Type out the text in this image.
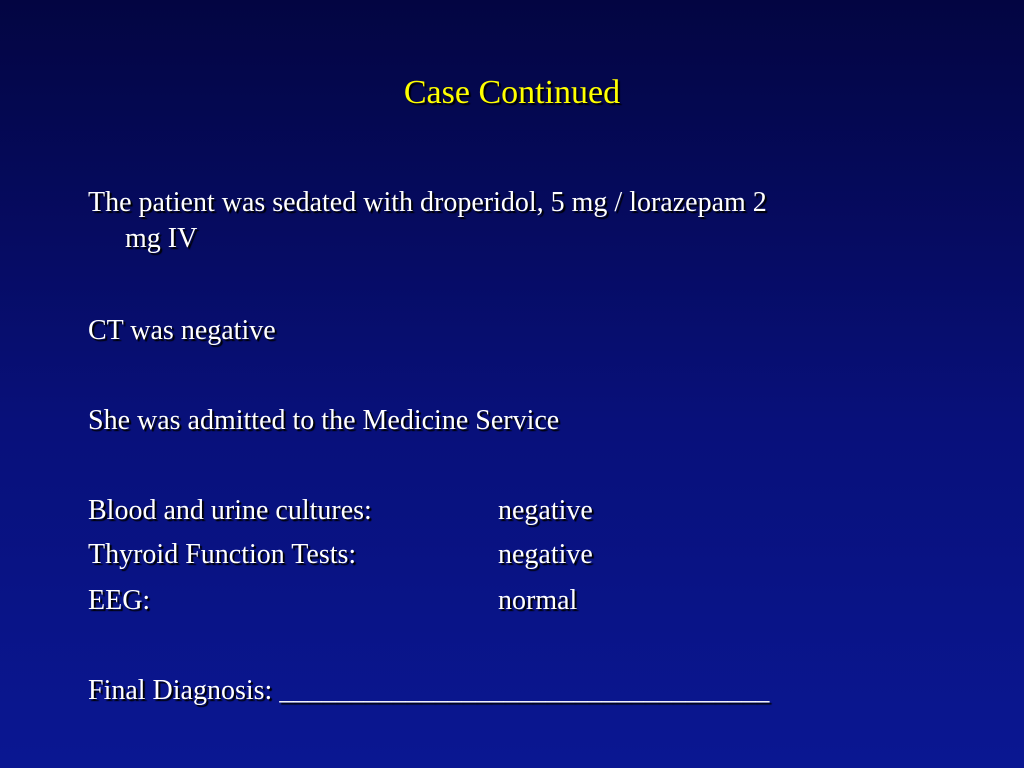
Case Continued
The patient was sedated with droperidol, 5 mg / lorazepam 2
mg IV
CT was negative
She was admitted to the Medicine Service
Blood and urine cultures:	negative
Thyroid Function Tests:	negative
EEG:	normal
Final Diagnosis: ___________________________________
